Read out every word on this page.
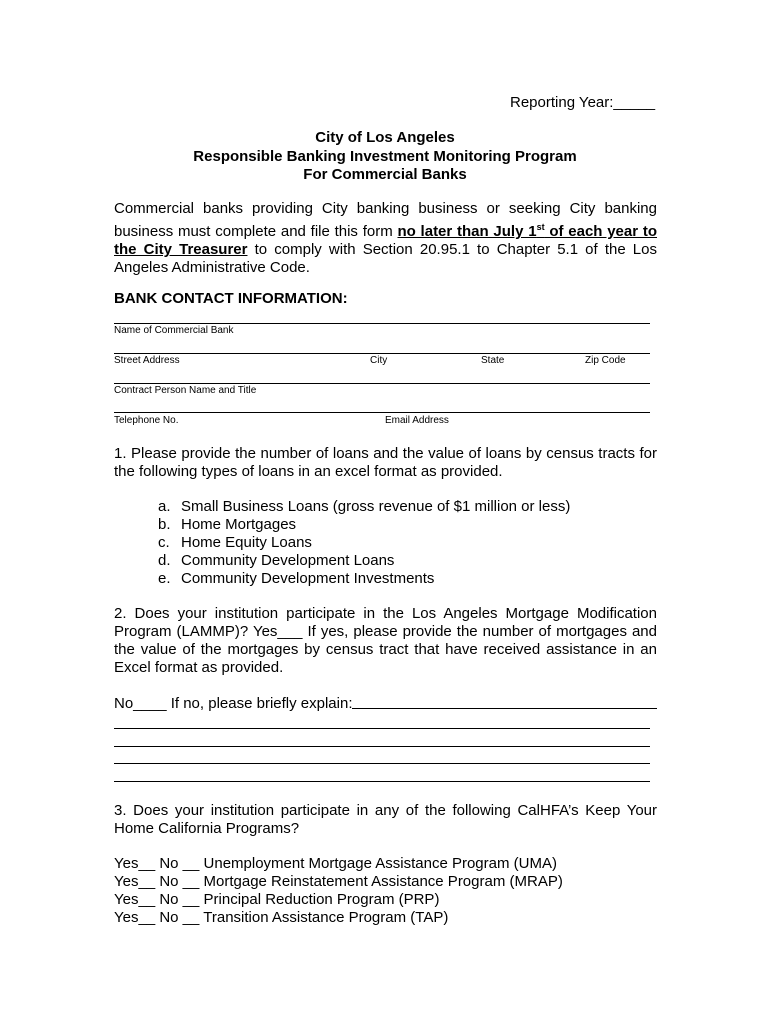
Reporting Year:_____
City of Los Angeles
Responsible Banking Investment Monitoring Program
For Commercial Banks

Commercial banks providing City banking business or seeking City banking

business must complete and file this form no later than July 1st of each year to

the City Treasurer to comply with Section 20.95.1 to Chapter 5.1 of the Los

Angeles Administrative Code.

BANK CONTACT INFORMATION:
Name of Commercial Bank
Street Address	City	State	Zip Code
Contract Person Name and Title
Telephone No.	Email Address

1. Please provide the number of loans and the value of loans by census tracts for

the following types of loans in an excel format as provided.

a. Small Business Loans (gross revenue of $1 million or less)
b. Home Mortgages
c. Home Equity Loans
d. Community Development Loans
e. Community Development Investments

2. Does your institution participate in the Los Angeles Mortgage Modification

Program (LAMMP)? Yes___ If yes, please provide the number of mortgages and

the value of the mortgages by census tract that have received assistance in an

Excel format as provided.

No____ If no, please briefly explain:

3. Does your institution participate in any of the following CalHFA’s Keep Your

Home California Programs?

Yes__ No __ Unemployment Mortgage Assistance Program (UMA)
Yes__ No __ Mortgage Reinstatement Assistance Program (MRAP)
Yes__ No __ Principal Reduction Program (PRP)
Yes__ No __ Transition Assistance Program (TAP)
